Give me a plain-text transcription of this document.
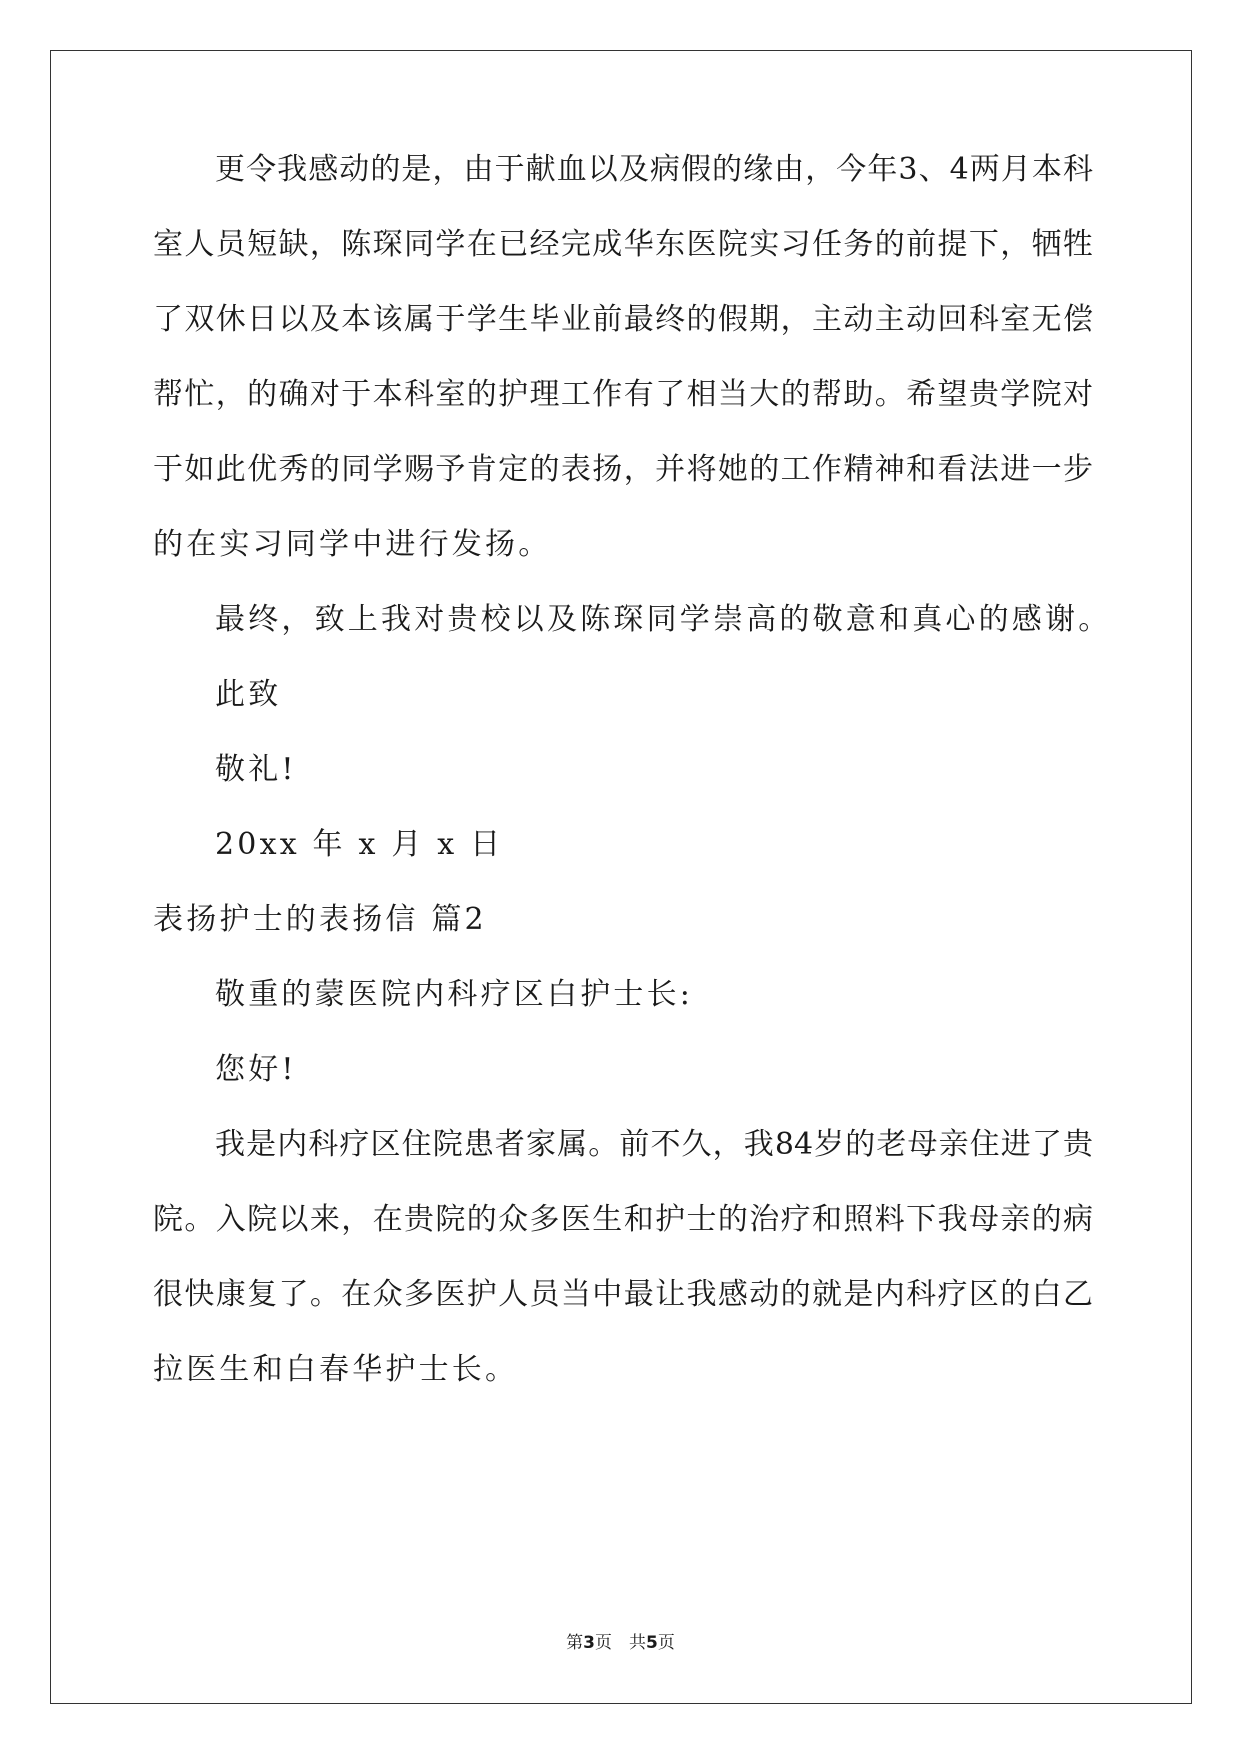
更令我感动的是，由于献血以及病假的缘由，今年3、4两月本科
室人员短缺，陈琛同学在已经完成华东医院实习任务的前提下，牺牲
了双休日以及本该属于学生毕业前最终的假期，主动主动回科室无偿
帮忙，的确对于本科室的护理工作有了相当大的帮助。希望贵学院对
于如此优秀的同学赐予肯定的表扬，并将她的工作精神和看法进一步
的在实习同学中进行发扬。
最终，致上我对贵校以及陈琛同学崇高的敬意和真心的感谢。
此致
敬礼!
20xx 年 x 月 x 日
表扬护士的表扬信 篇2
敬重的蒙医院内科疗区白护士长:
您好!
我是内科疗区住院患者家属。前不久，我84岁的老母亲住进了贵
院。入院以来，在贵院的众多医生和护士的治疗和照料下我母亲的病
很快康复了。在众多医护人员当中最让我感动的就是内科疗区的白乙
拉医生和白春华护士长。
第3页　共5页
